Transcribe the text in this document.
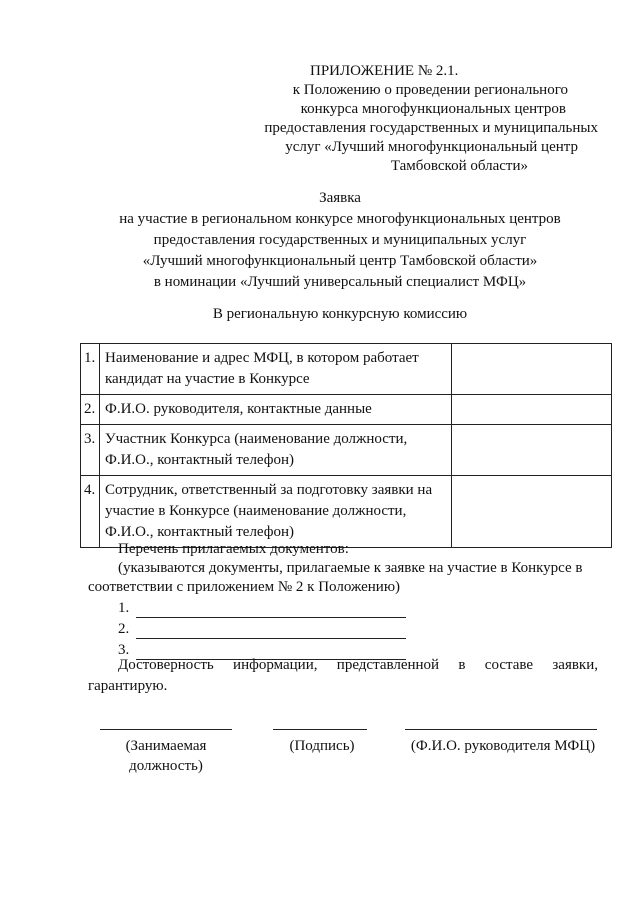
ПРИЛОЖЕНИЕ № 2.1.
к Положению о проведении регионального
конкурса многофункциональных центров
предоставления государственных и муниципальных
услуг «Лучший многофункциональный центр
Тамбовской области»
Заявка
на участие в региональном конкурсе многофункциональных центров
предоставления государственных и муниципальных услуг
«Лучший многофункциональный центр Тамбовской области»
в номинации «Лучший универсальный специалист МФЦ»
В региональную конкурсную комиссию
1.	Наименование и адрес МФЦ, в котором работает кандидат на участие в Конкурсе	
2.	Ф.И.О. руководителя, контактные данные	
3.	Участник Конкурса (наименование должности, Ф.И.О., контактный телефон)	
4.	Сотрудник, ответственный за подготовку заявки на участие в Конкурсе (наименование должности, Ф.И.О., контактный телефон)	
Перечень прилагаемых документов:
(указываются документы, прилагаемые к заявке на участие в Конкурсе в соответствии с приложением № 2 к Положению)
1.
2.
3.
Достоверность информации, представленной в составе заявки, гарантирую.
(Занимаемая должность)
(Подпись)	(Ф.И.О. руководителя МФЦ)
